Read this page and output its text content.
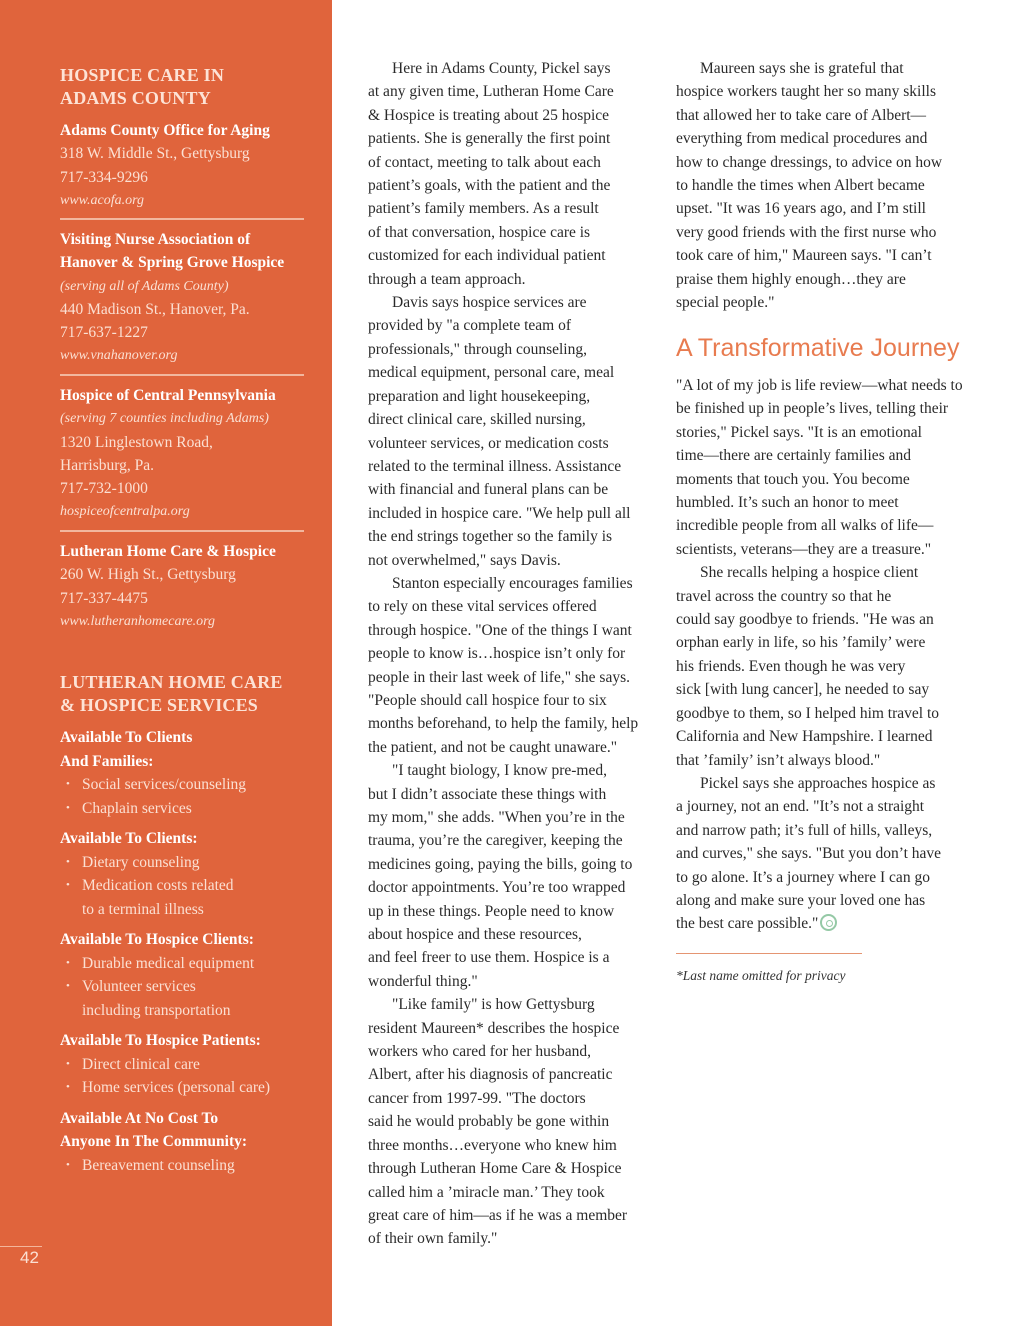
HOSPICE CARE IN
ADAMS COUNTY
Adams County Office for Aging
318 W. Middle St., Gettysburg
717-334-9296
www.acofa.org
Visiting Nurse Association of
Hanover & Spring Grove Hospice
(serving all of Adams County)
440 Madison St., Hanover, Pa.
717-637-1227
www.vnahanover.org
Hospice of Central Pennsylvania
(serving 7 counties including Adams)
1320 Linglestown Road,
Harrisburg, Pa.
717-732-1000
hospiceofcentralpa.org
Lutheran Home Care & Hospice
260 W. High St., Gettysburg
717-337-4475
www.lutheranhomecare.org
LUTHERAN HOME CARE
& HOSPICE SERVICES
Available To Clients
And Families:
• Social services/counseling
• Chaplain services
Available To Clients:
• Dietary counseling
• Medication costs related
to a terminal illness
Available To Hospice Clients:
• Durable medical equipment
• Volunteer services
including transportation
Available To Hospice Patients:
• Direct clinical care
• Home services (personal care)
Available At No Cost To
Anyone In The Community:
• Bereavement counseling
42

Here in Adams County, Pickel says
at any given time, Lutheran Home Care
& Hospice is treating about 25 hospice
patients. She is generally the first point
of contact, meeting to talk about each
patient’s goals, with the patient and the
patient’s family members. As a result
of that conversation, hospice care is
customized for each individual patient
through a team approach.

Davis says hospice services are
provided by "a complete team of
professionals," through counseling,
medical equipment, personal care, meal
preparation and light housekeeping,
direct clinical care, skilled nursing,
volunteer services, or medication costs
related to the terminal illness. Assistance
with financial and funeral plans can be
included in hospice care. "We help pull all
the end strings together so the family is
not overwhelmed," says Davis.

Stanton especially encourages families
to rely on these vital services offered
through hospice. "One of the things I want
people to know is…hospice isn’t only for
people in their last week of life," she says.
"People should call hospice four to six
months beforehand, to help the family, help
the patient, and not be caught unaware."

"I taught biology, I know pre-med,
but I didn’t associate these things with
my mom," she adds. "When you’re in the
trauma, you’re the caregiver, keeping the
medicines going, paying the bills, going to
doctor appointments. You’re too wrapped
up in these things. People need to know
about hospice and these resources,
and feel freer to use them. Hospice is a
wonderful thing."

"Like family" is how Gettysburg
resident Maureen* describes the hospice
workers who cared for her husband,
Albert, after his diagnosis of pancreatic
cancer from 1997-99. "The doctors
said he would probably be gone within
three months…everyone who knew him
through Lutheran Home Care & Hospice
called him a ’miracle man.’ They took
great care of him—as if he was a member
of their own family."

Maureen says she is grateful that
hospice workers taught her so many skills
that allowed her to take care of Albert—
everything from medical procedures and
how to change dressings, to advice on how
to handle the times when Albert became
upset. "It was 16 years ago, and I’m still
very good friends with the first nurse who
took care of him," Maureen says. "I can’t
praise them highly enough…they are
special people."

A Transformative Journey

"A lot of my job is life review—what needs to
be finished up in people’s lives, telling their
stories," Pickel says. "It is an emotional
time—there are certainly families and
moments that touch you. You become
humbled. It’s such an honor to meet
incredible people from all walks of life—
scientists, veterans—they are a treasure."

She recalls helping a hospice client
travel across the country so that he
could say goodbye to friends. "He was an
orphan early in life, so his ’family’ were
his friends. Even though he was very
sick [with lung cancer], he needed to say
goodbye to them, so I helped him travel to
California and New Hampshire. I learned
that ’family’ isn’t always blood."

Pickel says she approaches hospice as
a journey, not an end. "It’s not a straight
and narrow path; it’s full of hills, valleys,
and curves," she says. "But you don’t have
to go alone. It’s a journey where I can go
along and make sure your loved one has
the best care possible."

*Last name omitted for privacy
